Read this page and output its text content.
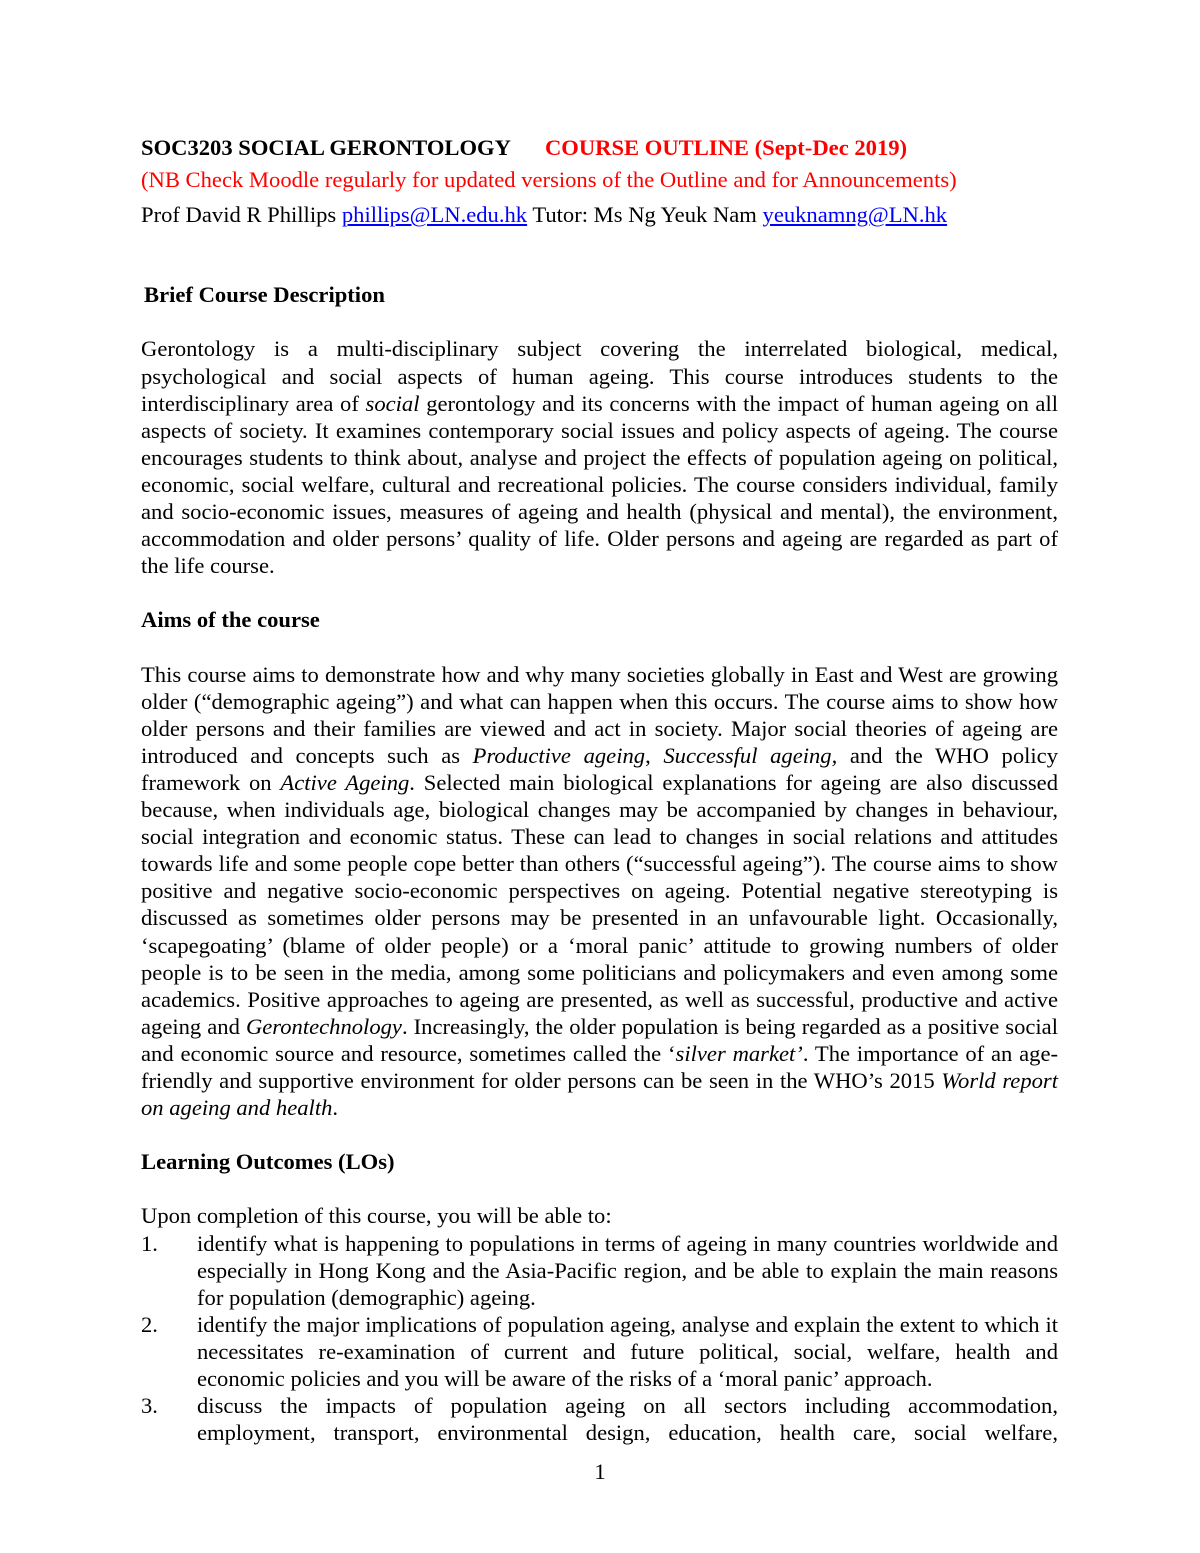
SOC3203 SOCIAL GERONTOLOGY COURSE OUTLINE (Sept-Dec 2019)
(NB Check Moodle regularly for updated versions of the Outline and for Announcements)
Prof David R Phillips phillips@LN.edu.hk Tutor: Ms Ng Yeuk Nam yeuknamng@LN.hk
Brief Course Description

Gerontology is a multi-disciplinary subject covering the interrelated biological, medical, psychological and social aspects of human ageing. This course introduces students to the interdisciplinary area of social gerontology and its concerns with the impact of human ageing on all aspects of society. It examines contemporary social issues and policy aspects of ageing. The course encourages students to think about, analyse and project the effects of population ageing on political, economic, social welfare, cultural and recreational policies. The course considers individual, family and socio-economic issues, measures of ageing and health (physical and mental), the environment, accommodation and older persons’ quality of life. Older persons and ageing are regarded as part of the life course.

Aims of the course

This course aims to demonstrate how and why many societies globally in East and West are growing older (“demographic ageing”) and what can happen when this occurs. The course aims to show how older persons and their families are viewed and act in society. Major social theories of ageing are introduced and concepts such as Productive ageing, Successful ageing, and the WHO policy framework on Active Ageing. Selected main biological explanations for ageing are also discussed because, when individuals age, biological changes may be accompanied by changes in behaviour, social integration and economic status. These can lead to changes in social relations and attitudes towards life and some people cope better than others (“successful ageing”). The course aims to show positive and negative socio-economic perspectives on ageing. Potential negative stereotyping is discussed as sometimes older persons may be presented in an unfavourable light. Occasionally, ‘scapegoating’ (blame of older people) or a ‘moral panic’ attitude to growing numbers of older people is to be seen in the media, among some politicians and policymakers and even among some academics. Positive approaches to ageing are presented, as well as successful, productive and active ageing and Gerontechnology. Increasingly, the older population is being regarded as a positive social and economic source and resource, sometimes called the ‘silver market’. The importance of an age-friendly and supportive environment for older persons can be seen in the WHO’s 2015 World report on ageing and health.

Learning Outcomes (LOs)
Upon completion of this course, you will be able to:
1.	identify what is happening to populations in terms of ageing in many countries worldwide and especially in Hong Kong and the Asia-Pacific region, and be able to explain the main reasons for population (demographic) ageing.
2.	identify the major implications of population ageing, analyse and explain the extent to which it necessitates re-examination of current and future political, social, welfare, health and economic policies and you will be aware of the risks of a ‘moral panic’ approach.
3.	discuss the impacts of population ageing on all sectors including accommodation, employment, transport, environmental design, education, health care, social welfare,
1
